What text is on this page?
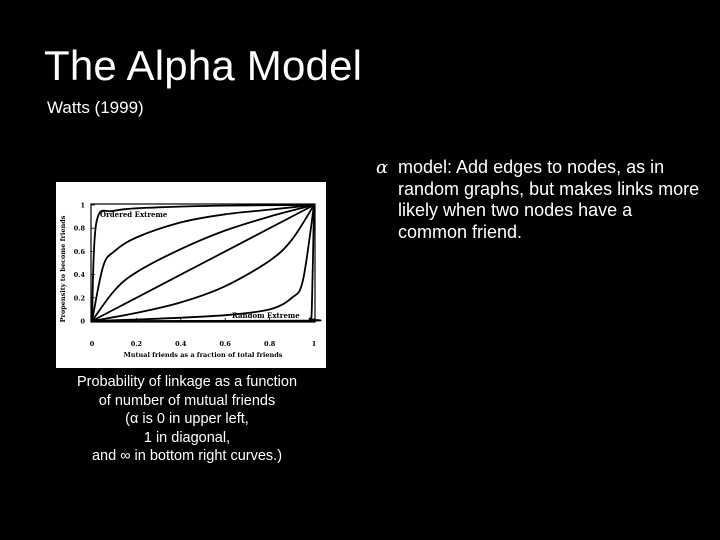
The Alpha Model
Watts (1999)
α model: Add edges to nodes, as in random graphs, but makes links more likely when two nodes have a common friend.
0
0.2
0.4
0.6
0.8
1
0	0.2	0.4	0.6	0.8	1
Propensity to become friends
Mutual friends as a fraction of total friends
Ordered Extreme
Random Extreme
Probability of linkage as a function
of number of mutual friends
(α is 0 in upper left,
1 in diagonal,
and ∞ in bottom right curves.)
